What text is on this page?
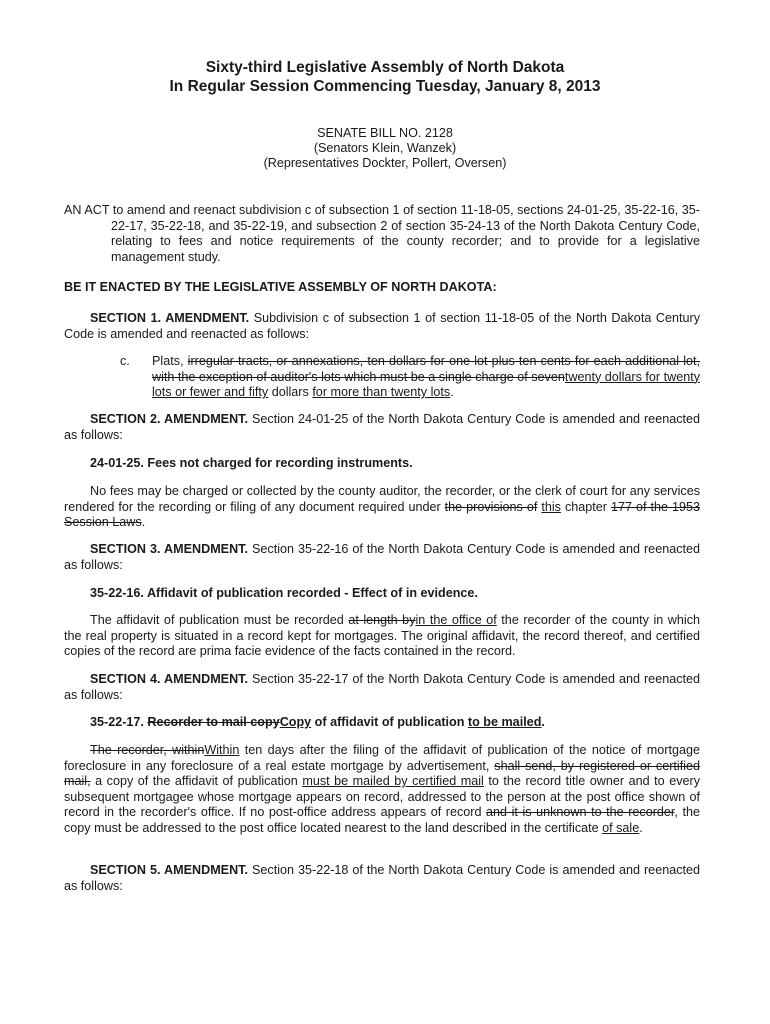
Sixty-third Legislative Assembly of North Dakota

In Regular Session Commencing Tuesday, January 8, 2013

SENATE BILL NO. 2128

(Senators Klein, Wanzek)

(Representatives Dockter, Pollert, Oversen)

AN ACT to amend and reenact subdivision c of subsection 1 of section 11-18-05, sections 24-01-25, 35-22-16, 35-22-17, 35-22-18, and 35-22-19, and subsection 2 of section 35-24-13 of the North Dakota Century Code, relating to fees and notice requirements of the county recorder; and to provide for a legislative management study.

BE IT ENACTED BY THE LEGISLATIVE ASSEMBLY OF NORTH DAKOTA:

SECTION 1. AMENDMENT. Subdivision c of subsection 1 of section 11-18-05 of the North Dakota Century Code is amended and reenacted as follows:

c. Plats, irregular tracts, or annexations, ten dollars for one lot plus ten cents for each additional lot, with the exception of auditor's lots which must be a single charge of seventwenty dollars for twenty lots or fewer and fifty dollars for more than twenty lots.

SECTION 2. AMENDMENT. Section 24-01-25 of the North Dakota Century Code is amended and reenacted as follows:

24-01-25. Fees not charged for recording instruments.

No fees may be charged or collected by the county auditor, the recorder, or the clerk of court for any services rendered for the recording or filing of any document required under the provisions of this chapter 177 of the 1953 Session Laws.

SECTION 3. AMENDMENT. Section 35-22-16 of the North Dakota Century Code is amended and reenacted as follows:

35-22-16. Affidavit of publication recorded - Effect of in evidence.

The affidavit of publication must be recorded at length byin the office of the recorder of the county in which the real property is situated in a record kept for mortgages. The original affidavit, the record thereof, and certified copies of the record are prima facie evidence of the facts contained in the record.

SECTION 4. AMENDMENT. Section 35-22-17 of the North Dakota Century Code is amended and reenacted as follows:

35-22-17. Recorder to mail copyCopy of affidavit of publication to be mailed.

The recorder, withinWithin ten days after the filing of the affidavit of publication of the notice of mortgage foreclosure in any foreclosure of a real estate mortgage by advertisement, shall send, by registered or certified mail, a copy of the affidavit of publication must be mailed by certified mail to the record title owner and to every subsequent mortgagee whose mortgage appears on record, addressed to the person at the post office shown of record in the recorder's office. If no post-office address appears of record and it is unknown to the recorder, the copy must be addressed to the post office located nearest to the land described in the certificate of sale.

SECTION 5. AMENDMENT. Section 35-22-18 of the North Dakota Century Code is amended and reenacted as follows:
